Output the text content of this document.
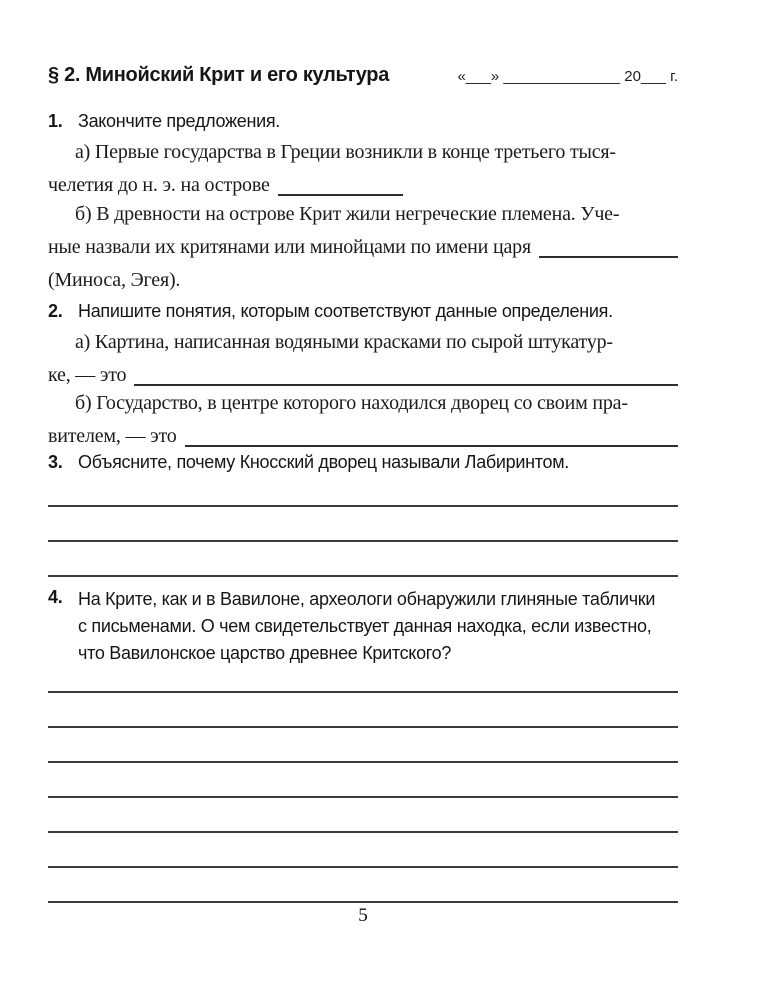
§ 2. Минойский Крит и его культура	«___» ______________ 20___ г.
1. Закончите предложения.
а) Первые государства в Греции возникли в конце третьего тыся-
челетия до н. э. на острове
б) В древности на острове Крит жили негреческие племена. Уче-
ные назвали их критянами или минойцами по имени царя
(Миноса, Эгея).
2. Напишите понятия, которым соответствуют данные определения.
а) Картина, написанная водяными красками по сырой штукатур-
ке, — это
б) Государство, в центре которого находился дворец со своим пра-
вителем, — это
3. Объясните, почему Кносский дворец называли Лабиринтом.
4. На Крите, как и в Вавилоне, археологи обнаружили глиняные таблички
с письменами. О чем свидетельствует данная находка, если известно,
что Вавилонское царство древнее Критского?
5
